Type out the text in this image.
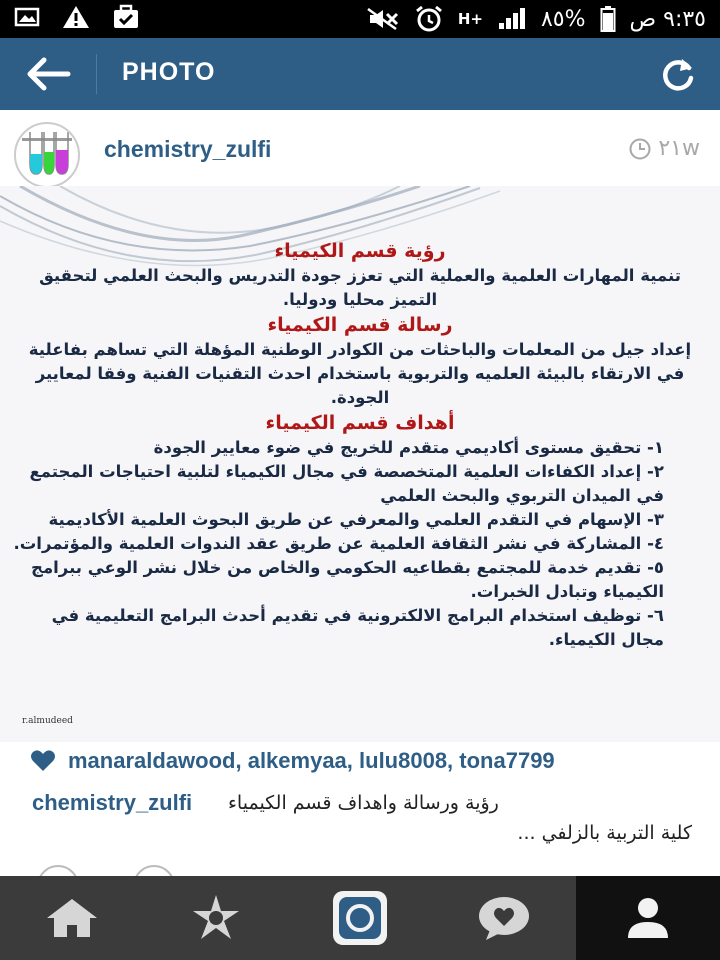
H+	٨٥% ٩:٣٥ ص
PHOTO
chemistry_zulfi	٢١w
رؤية قسم الكيمياء
تنمية المهارات العلمية والعملية التي تعزز جودة التدريس والبحث العلمي لتحقيق التميز محليا ودوليا.
رسالة قسم الكيمياء
إعداد جيل من المعلمات والباحثات من الكوادر الوطنية المؤهلة التي تساهم بفاعلية في الارتقاء بالبيئة العلميه والتربوية باستخدام احدث التقنيات الفنية وفقا لمعايير الجودة.
أهداف قسم الكيمياء
١- تحقيق مستوى أكاديمي متقدم للخريج في ضوء معايير الجودة
٢- إعداد الكفاءات العلمية المتخصصة في مجال الكيمياء لتلبية احتياجات المجتمع في الميدان التربوي والبحث العلمي
٣- الإسهام في التقدم العلمي والمعرفي عن طريق البحوث العلمية الأكاديمية
٤- المشاركة في نشر الثقافة العلمية عن طريق عقد الندوات العلمية والمؤتمرات.
٥- تقديم خدمة للمجتمع بقطاعيه الحكومي والخاص من خلال نشر الوعي ببرامج الكيمياء وتبادل الخبرات.
٦- توظيف استخدام البرامج الالكترونية في تقديم أحدث البرامج التعليمية في مجال الكيمياء.
r.almudeed
manaraldawood, alkemyaa, lulu8008, tona7799
chemistry_zulfi رؤية ورسالة واهداف قسم الكيمياء
كلية التربية بالزلفي ...
